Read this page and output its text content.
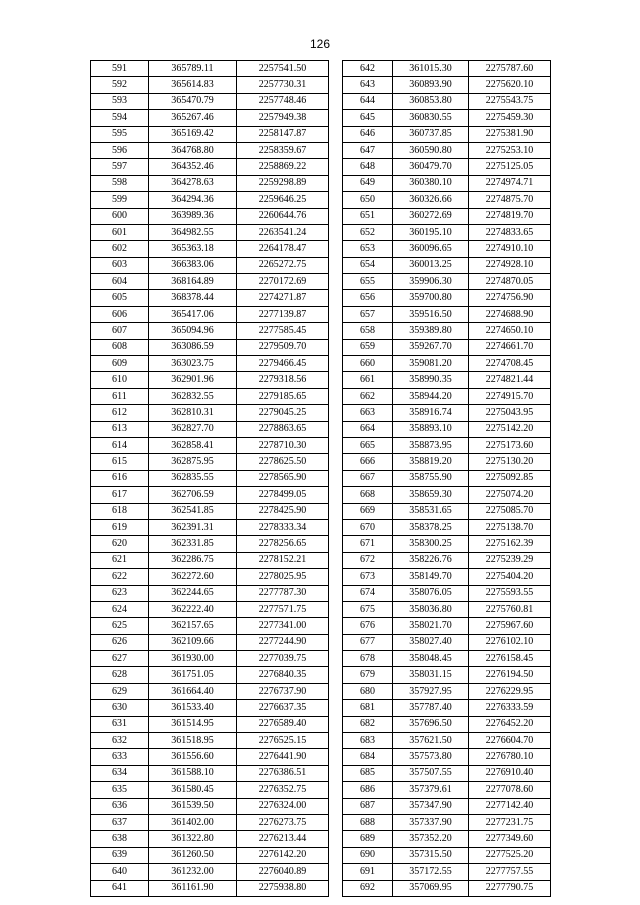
126
591	365789.11	2257541.50
592	365614.83	2257730.31
593	365470.79	2257748.46
594	365267.46	2257949.38
595	365169.42	2258147.87
596	364768.80	2258359.67
597	364352.46	2258869.22
598	364278.63	2259298.89
599	364294.36	2259646.25
600	363989.36	2260644.76
601	364982.55	2263541.24
602	365363.18	2264178.47
603	366383.06	2265272.75
604	368164.89	2270172.69
605	368378.44	2274271.87
606	365417.06	2277139.87
607	365094.96	2277585.45
608	363086.59	2279509.70
609	363023.75	2279466.45
610	362901.96	2279318.56
611	362832.55	2279185.65
612	362810.31	2279045.25
613	362827.70	2278863.65
614	362858.41	2278710.30
615	362875.95	2278625.50
616	362835.55	2278565.90
617	362706.59	2278499.05
618	362541.85	2278425.90
619	362391.31	2278333.34
620	362331.85	2278256.65
621	362286.75	2278152.21
622	362272.60	2278025.95
623	362244.65	2277787.30
624	362222.40	2277571.75
625	362157.65	2277341.00
626	362109.66	2277244.90
627	361930.00	2277039.75
628	361751.05	2276840.35
629	361664.40	2276737.90
630	361533.40	2276637.35
631	361514.95	2276589.40
632	361518.95	2276525.15
633	361556.60	2276441.90
634	361588.10	2276386.51
635	361580.45	2276352.75
636	361539.50	2276324.00
637	361402.00	2276273.75
638	361322.80	2276213.44
639	361260.50	2276142.20
640	361232.00	2276040.89
641	361161.90	2275938.80
642	361015.30	2275787.60
643	360893.90	2275620.10
644	360853.80	2275543.75
645	360830.55	2275459.30
646	360737.85	2275381.90
647	360590.80	2275253.10
648	360479.70	2275125.05
649	360380.10	2274974.71
650	360326.66	2274875.70
651	360272.69	2274819.70
652	360195.10	2274833.65
653	360096.65	2274910.10
654	360013.25	2274928.10
655	359906.30	2274870.05
656	359700.80	2274756.90
657	359516.50	2274688.90
658	359389.80	2274650.10
659	359267.70	2274661.70
660	359081.20	2274708.45
661	358990.35	2274821.44
662	358944.20	2274915.70
663	358916.74	2275043.95
664	358893.10	2275142.20
665	358873.95	2275173.60
666	358819.20	2275130.20
667	358755.90	2275092.85
668	358659.30	2275074.20
669	358531.65	2275085.70
670	358378.25	2275138.70
671	358300.25	2275162.39
672	358226.76	2275239.29
673	358149.70	2275404.20
674	358076.05	2275593.55
675	358036.80	2275760.81
676	358021.70	2275967.60
677	358027.40	2276102.10
678	358048.45	2276158.45
679	358031.15	2276194.50
680	357927.95	2276229.95
681	357787.40	2276333.59
682	357696.50	2276452.20
683	357621.50	2276604.70
684	357573.80	2276780.10
685	357507.55	2276910.40
686	357379.61	2277078.60
687	357347.90	2277142.40
688	357337.90	2277231.75
689	357352.20	2277349.60
690	357315.50	2277525.20
691	357172.55	2277757.55
692	357069.95	2277790.75
